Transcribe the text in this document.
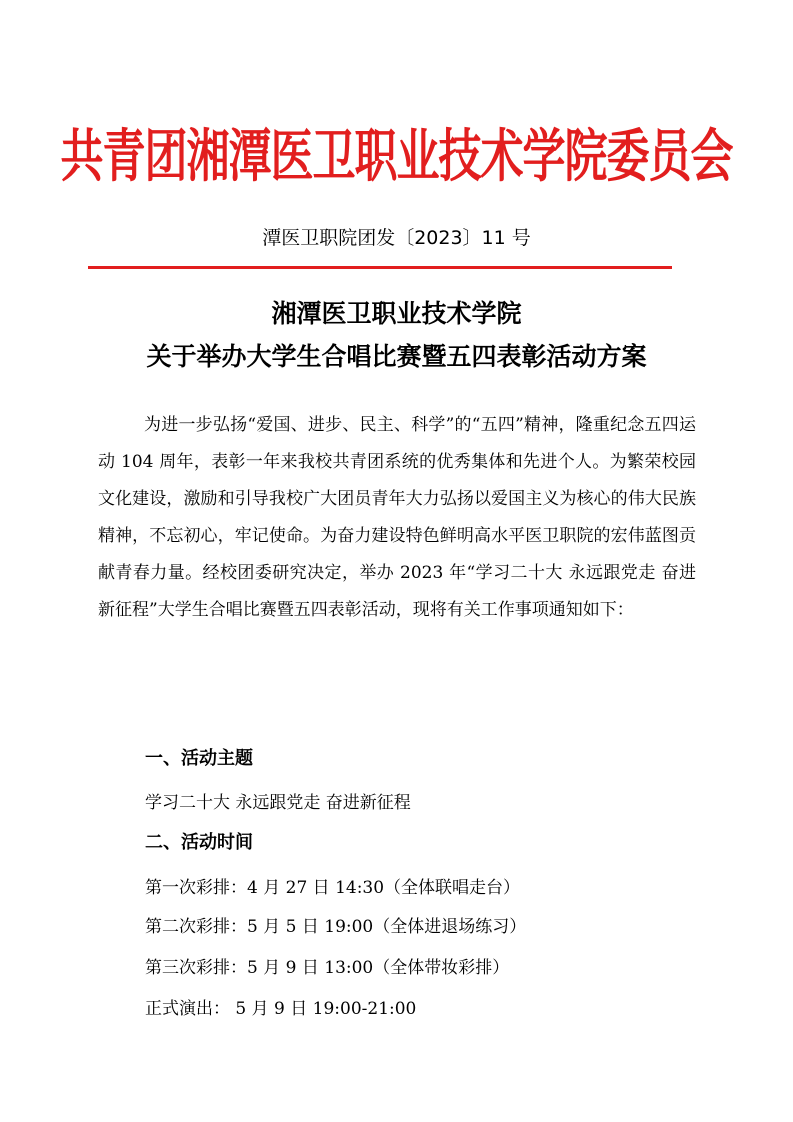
共青团湘潭医卫职业技术学院委员会
潭医卫职院团发〔2023〕11 号
湘潭医卫职业技术学院
关于举办大学生合唱比赛暨五四表彰活动方案

为进一步弘扬“爱国、进步、民主、科学”的“五四”精神，隆重纪念五四运动 104 周年，表彰一年来我校共青团系统的优秀集体和先进个人。为繁荣校园文化建设，激励和引导我校广大团员青年大力弘扬以爱国主义为核心的伟大民族精神，不忘初心，牢记使命。为奋力建设特色鲜明高水平医卫职院的宏伟蓝图贡献青春力量。经校团委研究决定，举办 2023 年“学习二十大 永远跟党走 奋进新征程”大学生合唱比赛暨五四表彰活动，现将有关工作事项通知如下：

一、活动主题
学习二十大 永远跟党走 奋进新征程
二、活动时间
第一次彩排：4 月 27 日 14:30（全体联唱走台）
第二次彩排：5 月 5 日 19:00（全体进退场练习）
第三次彩排：5 月 9 日 13:00（全体带妆彩排）
正式演出： 5 月 9 日 19:00-21:00
